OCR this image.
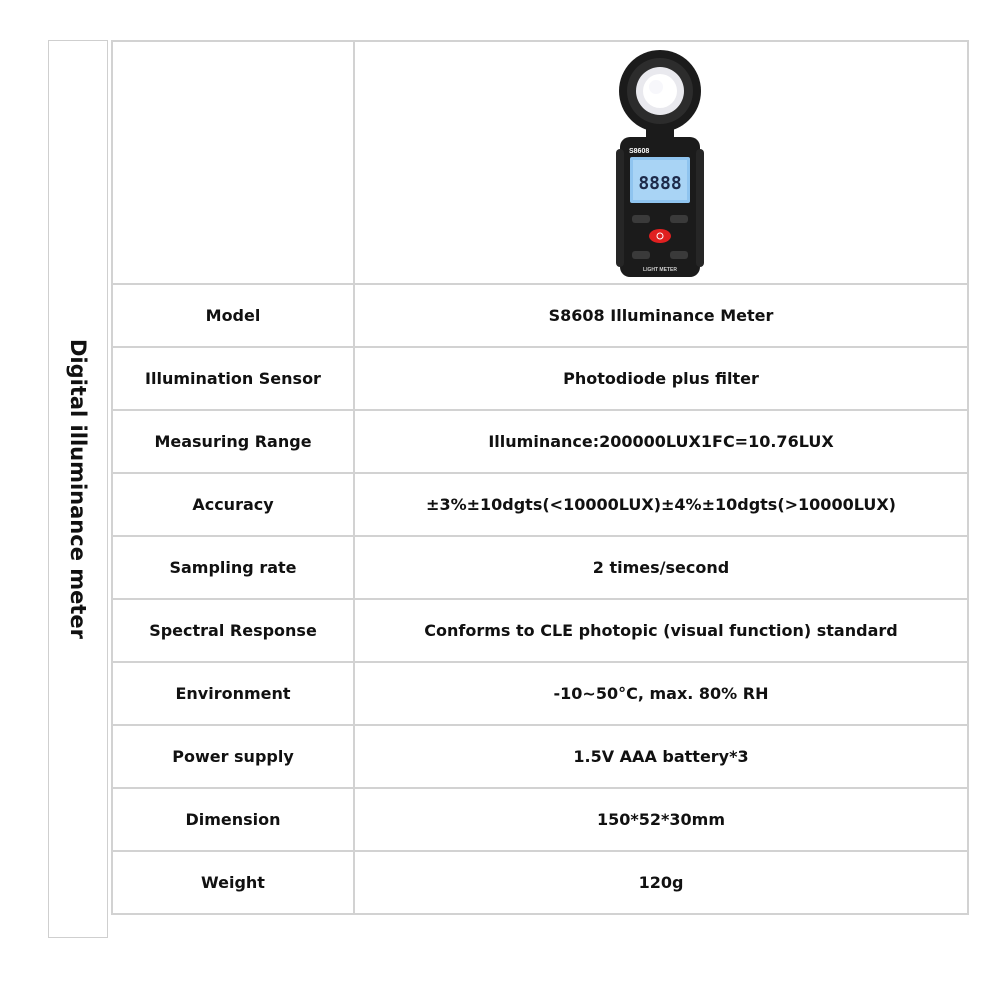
Digital illuminance meter

S8608
8888
LIGHT METER

Model	S8608 Illuminance Meter
Illumination Sensor	Photodiode plus filter
Measuring Range	Illuminance:200000LUX1FC=10.76LUX
Accuracy	±3%±10dgts(<10000LUX)±4%±10dgts(>10000LUX)
Sampling rate	2 times/second
Spectral Response	Conforms to CLE photopic (visual function) standard
Environment	-10~50°C, max. 80% RH
Power supply	1.5V AAA battery*3
Dimension	150*52*30mm
Weight	120g
